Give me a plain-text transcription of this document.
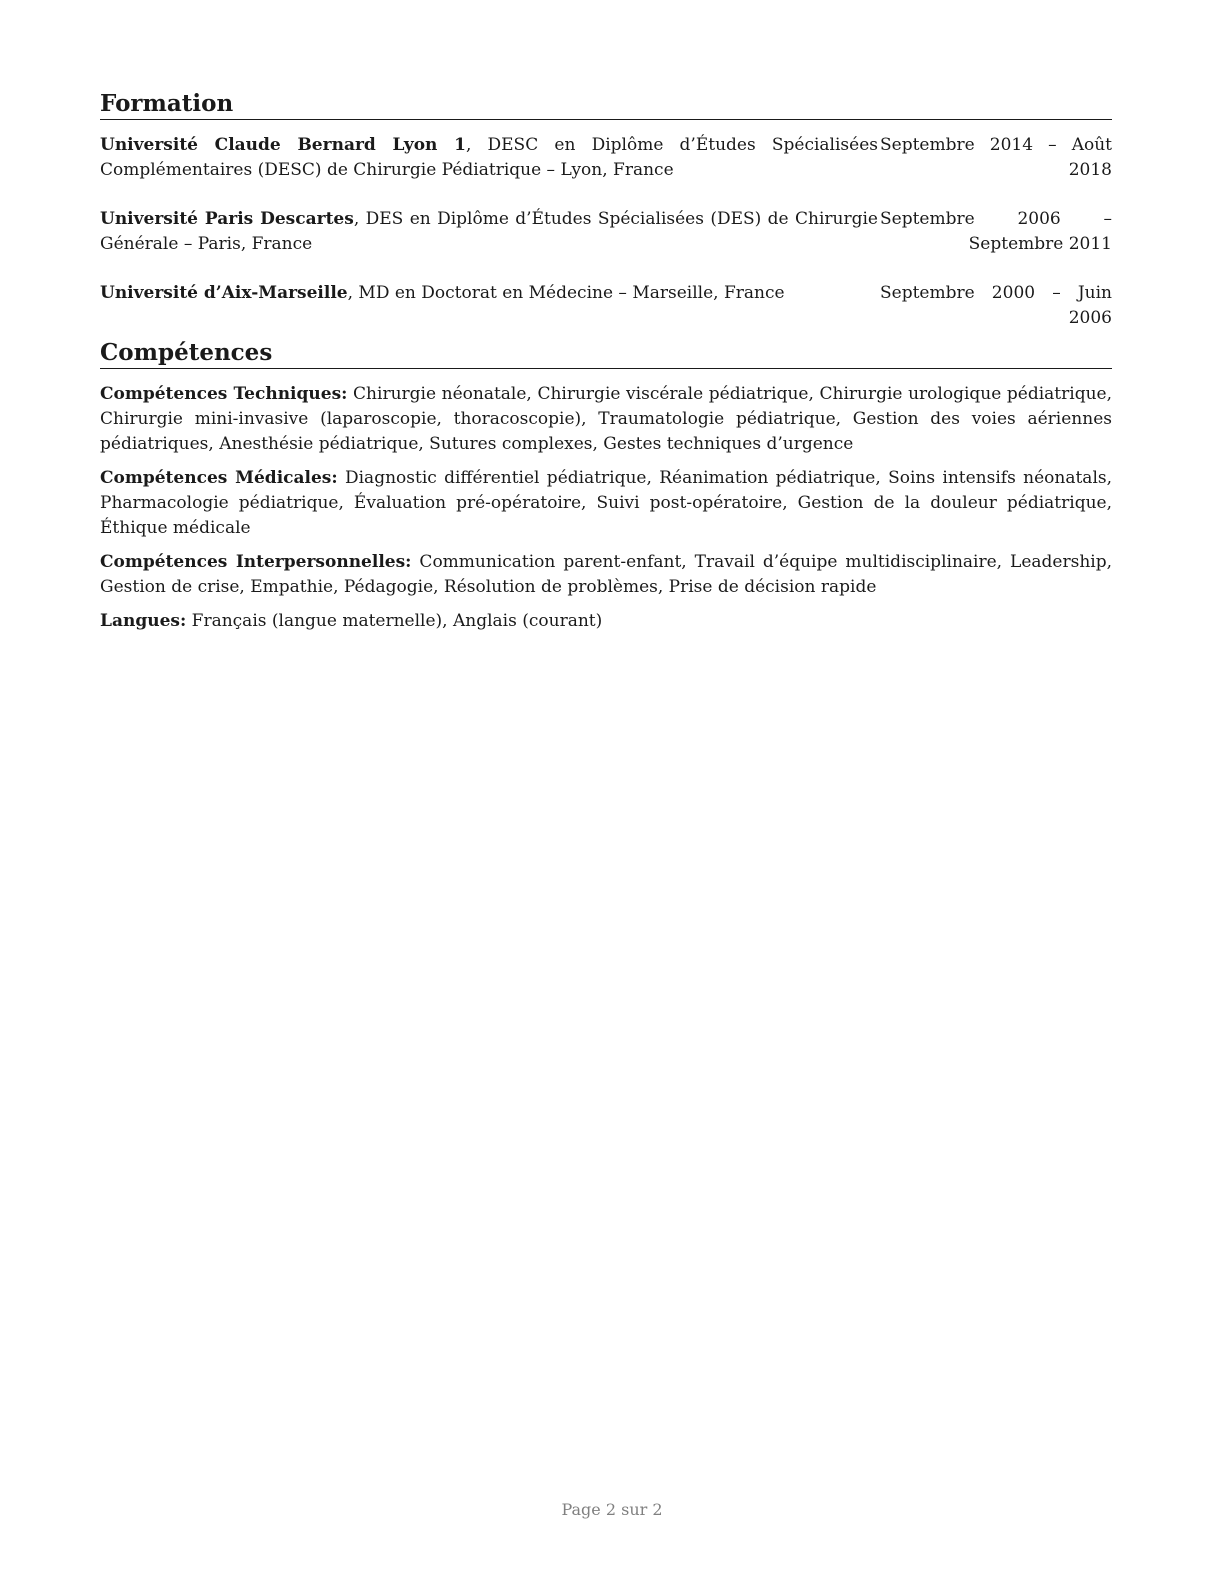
Formation
Université Claude Bernard Lyon 1, DESC en Diplôme d’Études Spécialisées Complémentaires (DESC) de Chirurgie Pédiatrique – Lyon, France
Septembre 2014 – Août 2018
Université Paris Descartes, DES en Diplôme d’Études Spécialisées (DES) de Chirurgie Générale – Paris, France
Septembre 2006 – Septembre 2011
Université d’Aix-Marseille, MD en Doctorat en Médecine – Marseille, France	Septembre 2000 – Juin 2006
Compétences

Compétences Techniques: Chirurgie néonatale, Chirurgie viscérale pédiatrique, Chirurgie urologique pédiatrique, Chirurgie mini-invasive (laparoscopie, thoracoscopie), Traumatologie pédiatrique, Gestion des voies aériennes pédiatriques, Anesthésie pédiatrique, Sutures complexes, Gestes techniques d’urgence

Compétences Médicales: Diagnostic différentiel pédiatrique, Réanimation pédiatrique, Soins intensifs néonatals, Pharmacologie pédiatrique, Évaluation pré-opératoire, Suivi post-opératoire, Gestion de la douleur pédiatrique, Éthique médicale

Compétences Interpersonnelles: Communication parent-enfant, Travail d’équipe multidisciplinaire, Leadership, Gestion de crise, Empathie, Pédagogie, Résolution de problèmes, Prise de décision rapide

Langues: Français (langue maternelle), Anglais (courant)

Page 2 sur 2
